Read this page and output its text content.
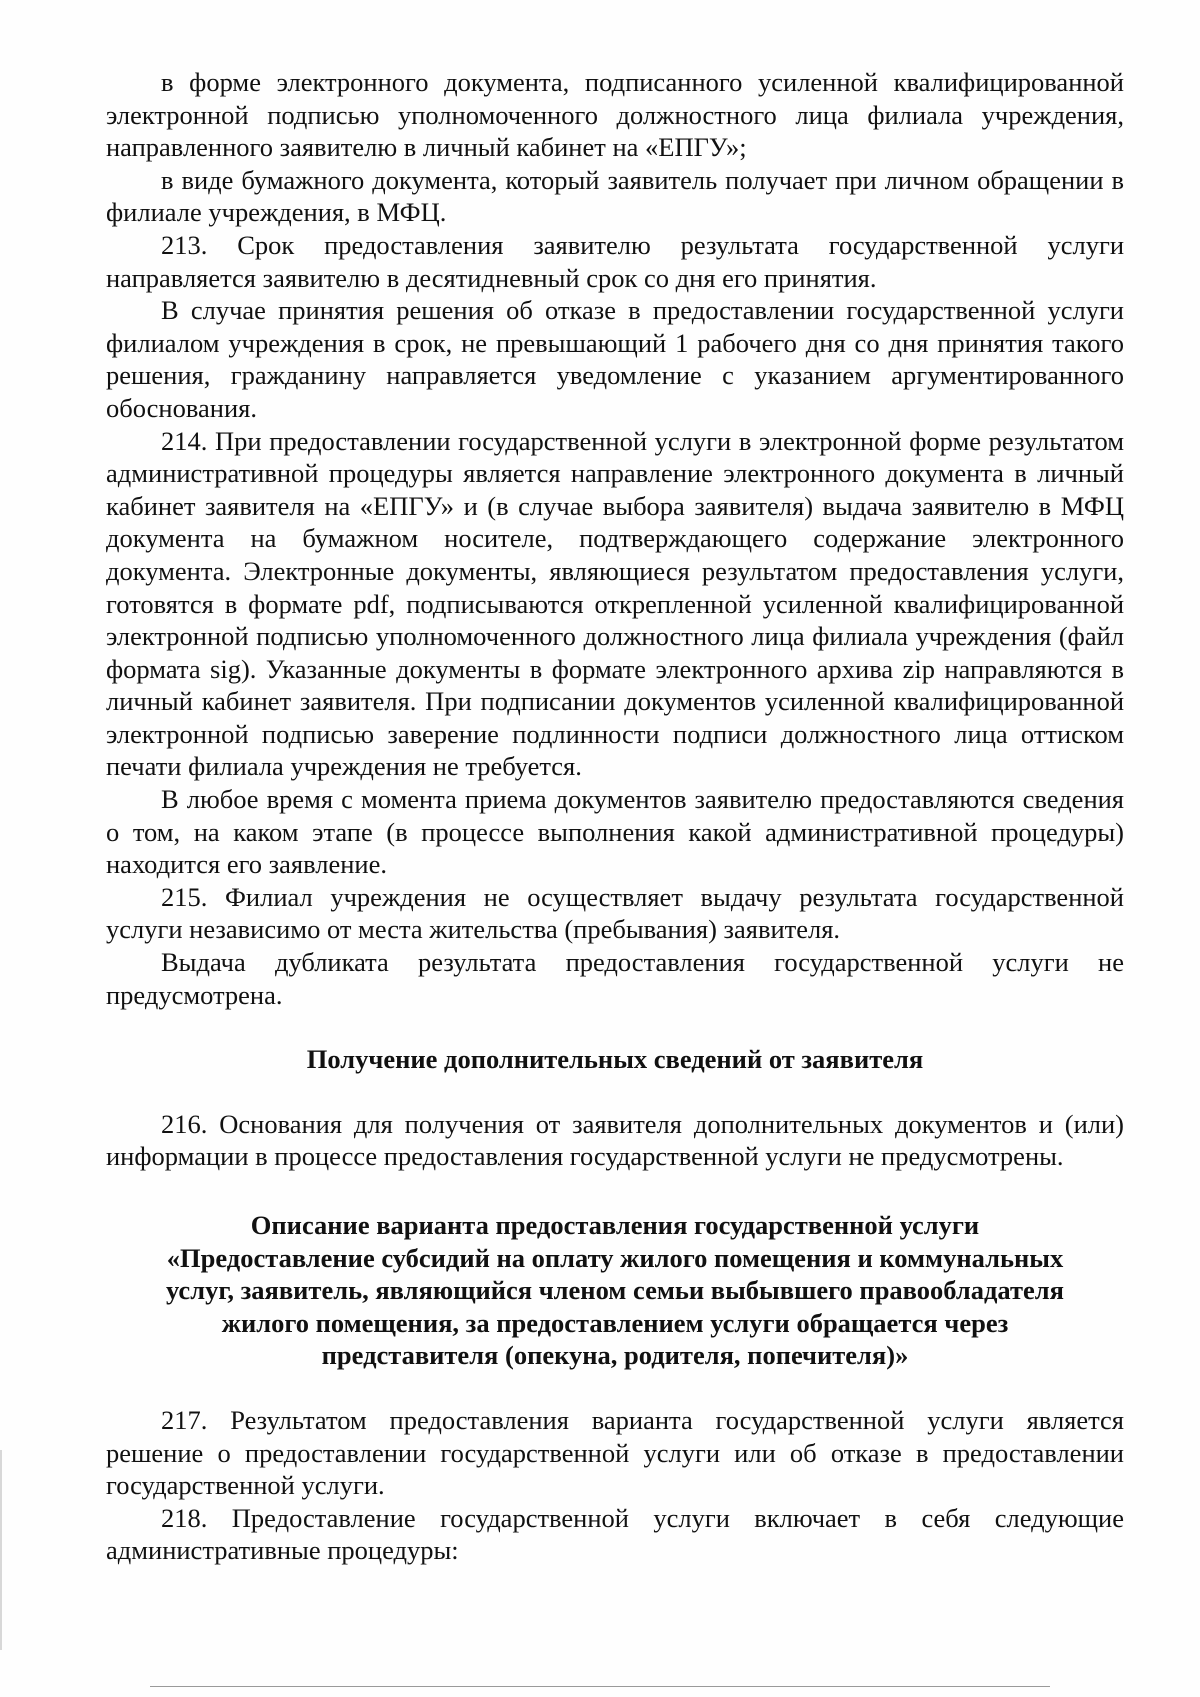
в форме электронного документа, подписанного усиленной квалифицированной электронной подписью уполномоченного должностного лица филиала учреждения, направленного заявителю в личный кабинет на «ЕПГУ»;

в виде бумажного документа, который заявитель получает при личном обращении в филиале учреждения, в МФЦ.

213. Срок предоставления заявителю результата государственной услуги направляется заявителю в десятидневный срок со дня его принятия.

В случае принятия решения об отказе в предоставлении государственной услуги филиалом учреждения в срок, не превышающий 1 рабочего дня со дня принятия такого решения, гражданину направляется уведомление с указанием аргументированного обоснования.

214. При предоставлении государственной услуги в электронной форме результатом административной процедуры является направление электронного документа в личный кабинет заявителя на «ЕПГУ» и (в случае выбора заявителя) выдача заявителю в МФЦ документа на бумажном носителе, подтверждающего содержание электронного документа. Электронные документы, являющиеся результатом предоставления услуги, готовятся в формате pdf, подписываются открепленной усиленной квалифицированной электронной подписью уполномоченного должностного лица филиала учреждения (файл формата sig). Указанные документы в формате электронного архива zip направляются в личный кабинет заявителя. При подписании документов усиленной квалифицированной электронной подписью заверение подлинности подписи должностного лица оттиском печати филиала учреждения не требуется.

В любое время с момента приема документов заявителю предоставляются сведения о том, на каком этапе (в процессе выполнения какой административной процедуры) находится его заявление.

215. Филиал учреждения не осуществляет выдачу результата государственной услуги независимо от места жительства (пребывания) заявителя.

Выдача дубликата результата предоставления государственной услуги не предусмотрена.

Получение дополнительных сведений от заявителя

216. Основания для получения от заявителя дополнительных документов и (или) информации в процессе предоставления государственной услуги не предусмотрены.

Описание варианта предоставления государственной услуги
«Предоставление субсидий на оплату жилого помещения и коммунальных
услуг, заявитель, являющийся членом семьи выбывшего правообладателя
жилого помещения, за предоставлением услуги обращается через
представителя (опекуна, родителя, попечителя)»

217. Результатом предоставления варианта государственной услуги является решение о предоставлении государственной услуги или об отказе в предоставлении государственной услуги.

218. Предоставление государственной услуги включает в себя следующие административные процедуры:
